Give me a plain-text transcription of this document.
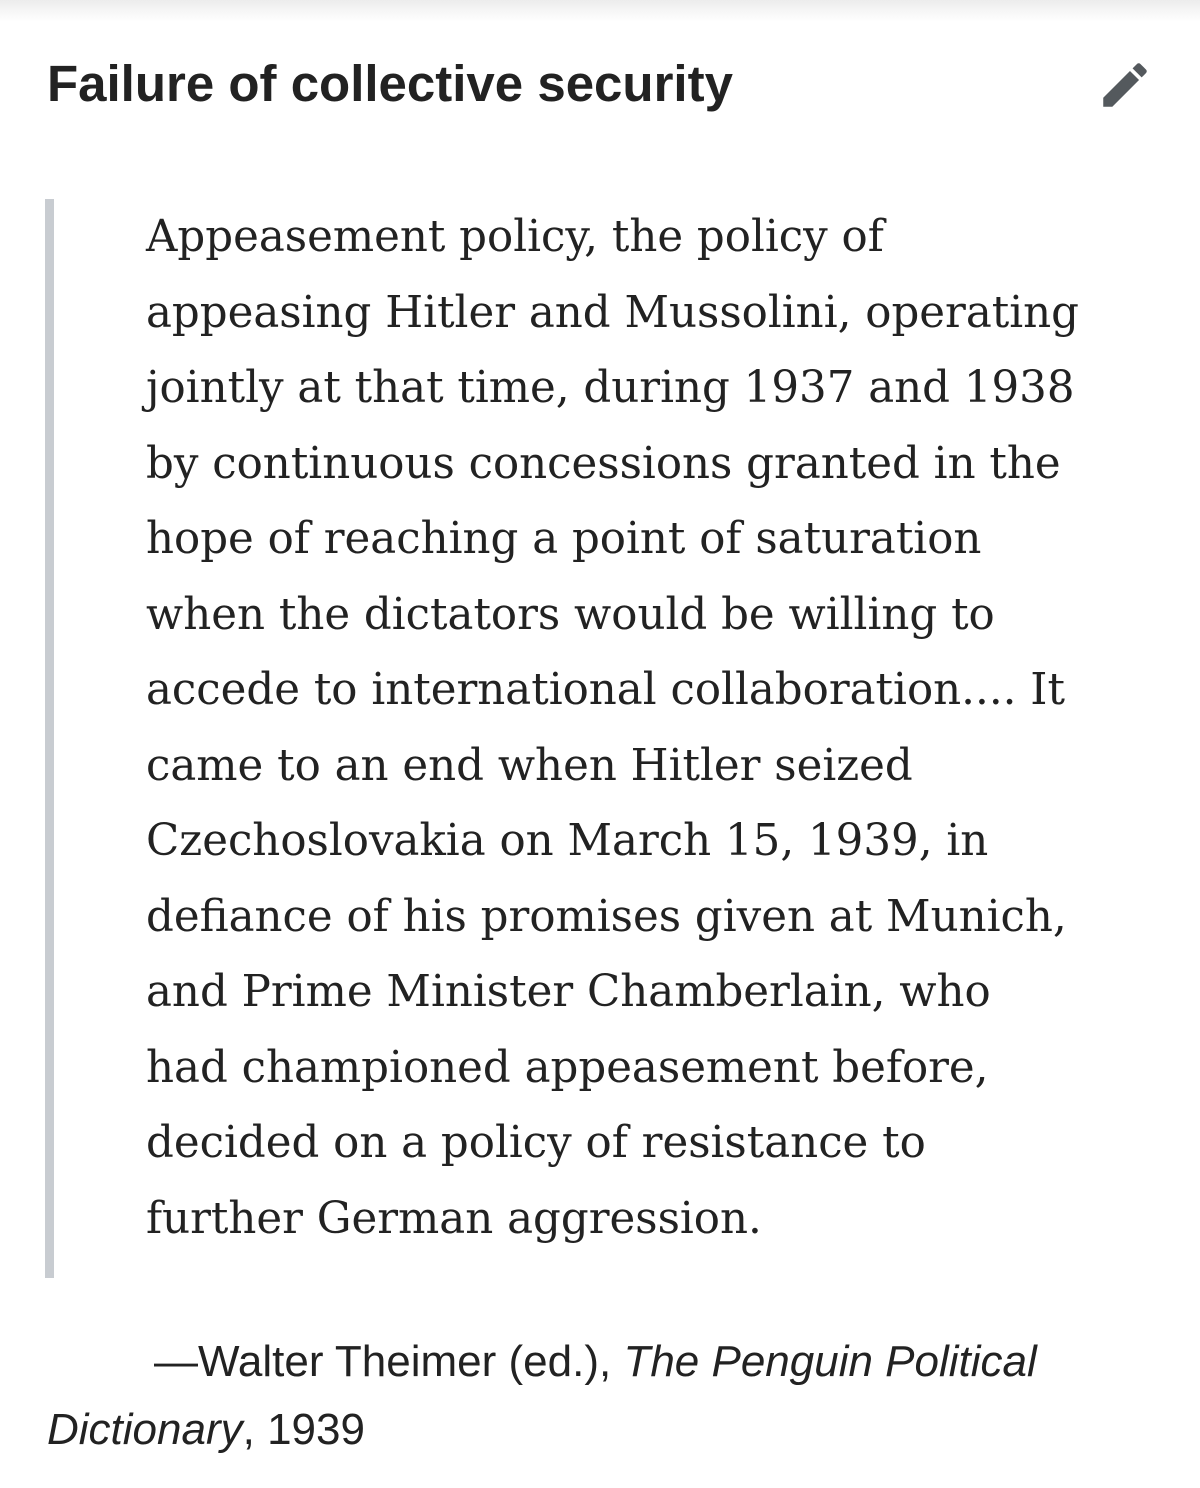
Failure of collective security
Appeasement policy, the policy of
appeasing Hitler and Mussolini, operating
jointly at that time, during 1937 and 1938
by continuous concessions granted in the
hope of reaching a point of saturation
when the dictators would be willing to
accede to international collaboration.... It
came to an end when Hitler seized
Czechoslovakia on March 15, 1939, in
defiance of his promises given at Munich,
and Prime Minister Chamberlain, who
had championed appeasement before,
decided on a policy of resistance to
further German aggression.

—Walter Theimer (ed.), The Penguin Political
Dictionary, 1939
